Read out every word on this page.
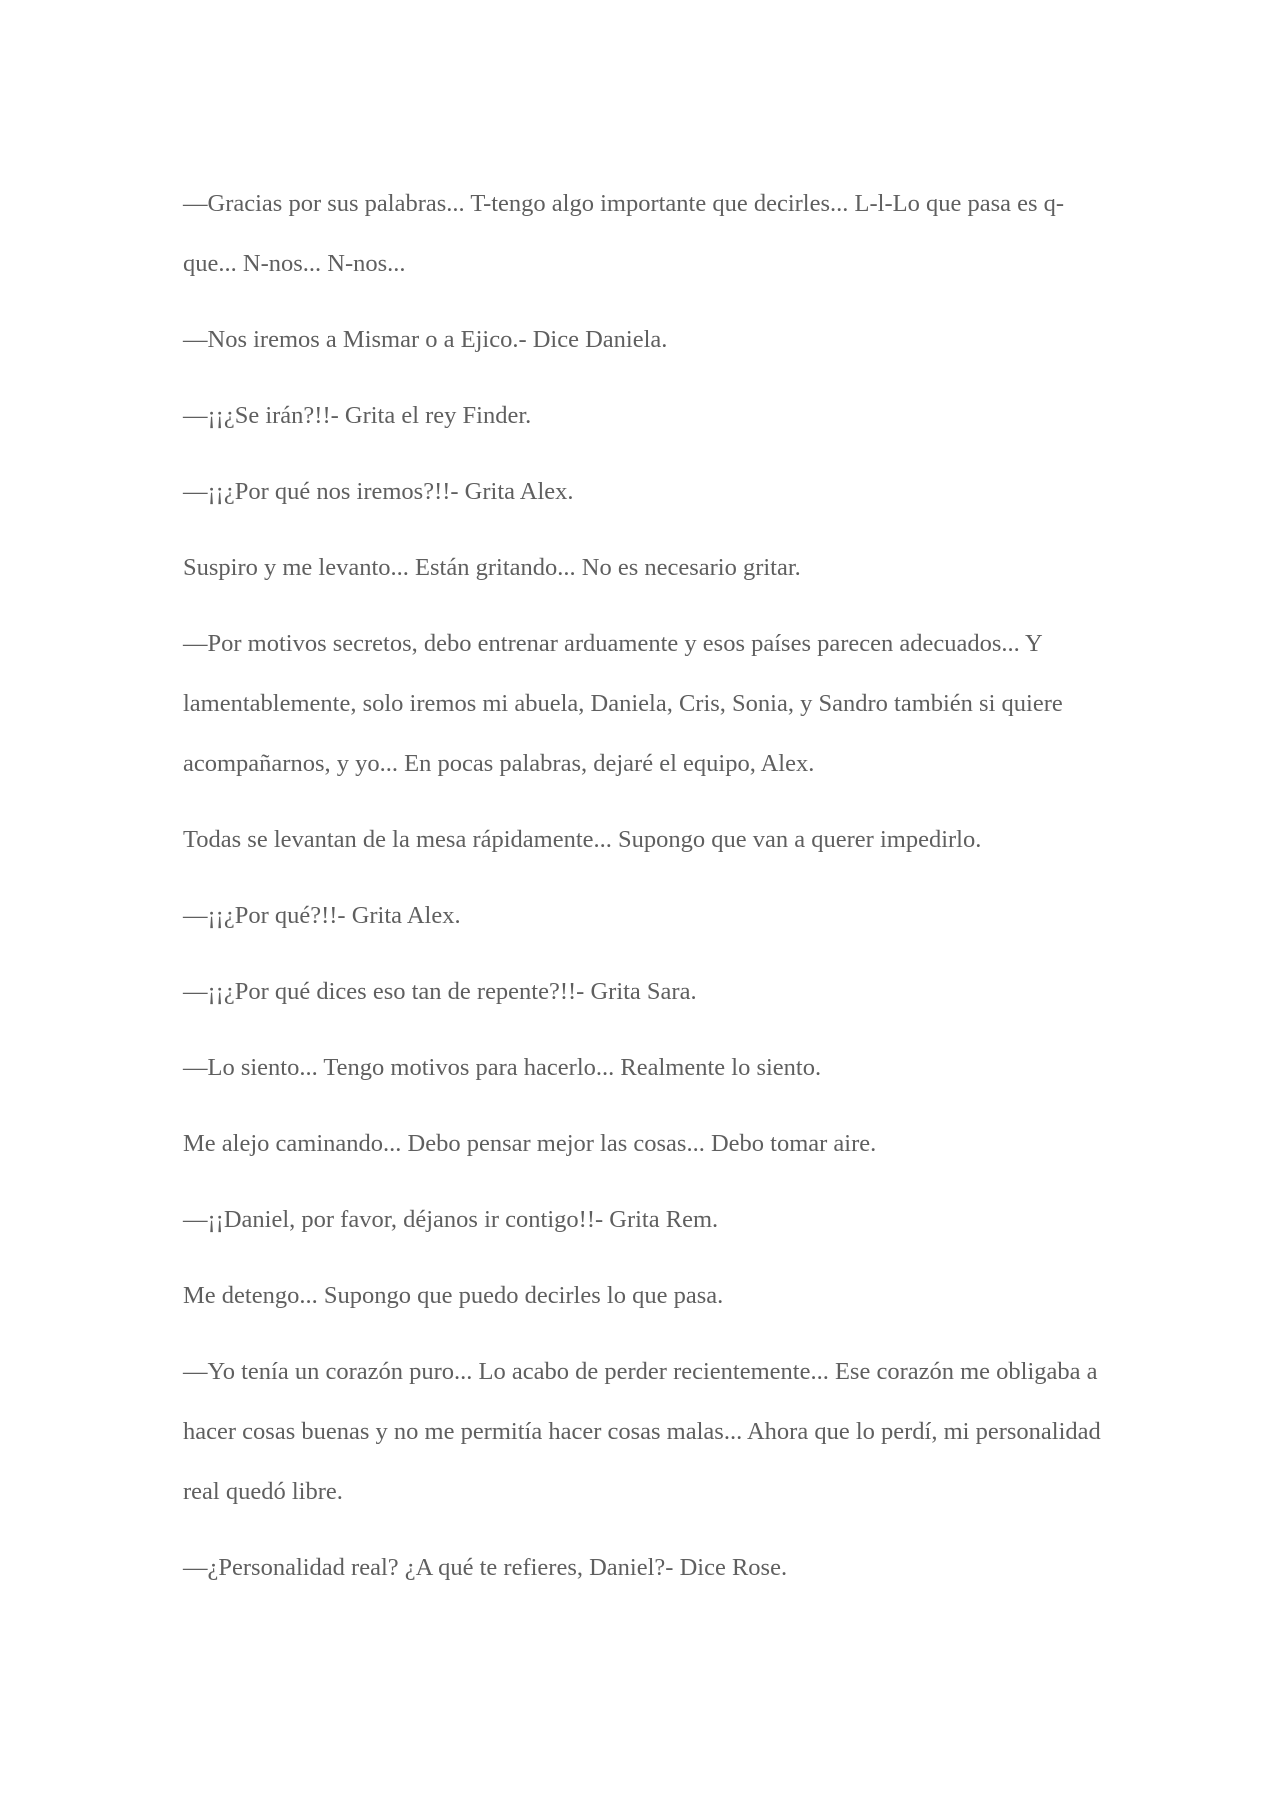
—Gracias por sus palabras... T-tengo algo importante que decirles... L-l-Lo que pasa es q-que... N-nos... N-nos...

—Nos iremos a Mismar o a Ejico.- Dice Daniela.

—¡¡¿Se irán?!!- Grita el rey Finder.

—¡¡¿Por qué nos iremos?!!- Grita Alex.

Suspiro y me levanto... Están gritando... No es necesario gritar.

—Por motivos secretos, debo entrenar arduamente y esos países parecen adecuados... Y lamentablemente, solo iremos mi abuela, Daniela, Cris, Sonia, y Sandro también si quiere acompañarnos, y yo... En pocas palabras, dejaré el equipo, Alex.

Todas se levantan de la mesa rápidamente... Supongo que van a querer impedirlo.

—¡¡¿Por qué?!!- Grita Alex.

—¡¡¿Por qué dices eso tan de repente?!!- Grita Sara.

—Lo siento... Tengo motivos para hacerlo... Realmente lo siento.

Me alejo caminando... Debo pensar mejor las cosas... Debo tomar aire.

—¡¡Daniel, por favor, déjanos ir contigo!!- Grita Rem.

Me detengo... Supongo que puedo decirles lo que pasa.

—Yo tenía un corazón puro... Lo acabo de perder recientemente... Ese corazón me obligaba a hacer cosas buenas y no me permitía hacer cosas malas... Ahora que lo perdí, mi personalidad real quedó libre.

—¿Personalidad real? ¿A qué te refieres, Daniel?- Dice Rose.
